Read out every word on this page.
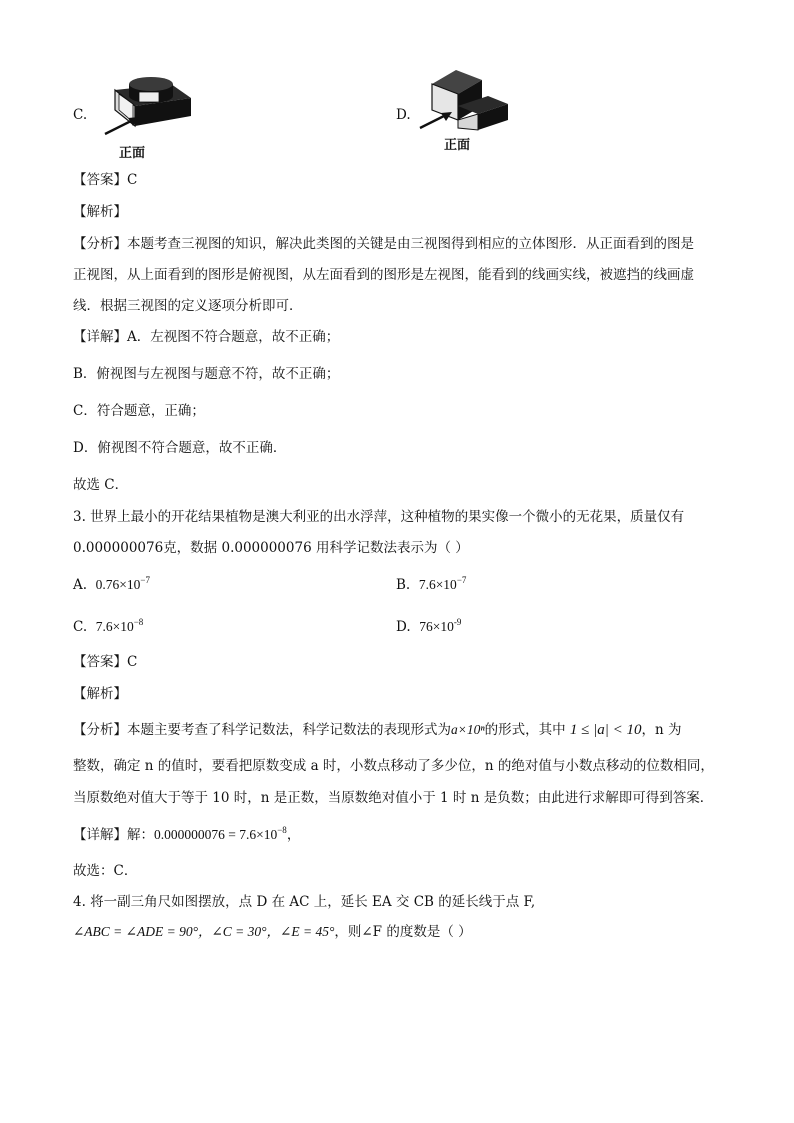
C.
正面
D.
正面
【答案】C
【解析】
【分析】本题考查三视图的知识，解决此类图的关键是由三视图得到相应的立体图形．从正面看到的图是
正视图，从上面看到的图形是俯视图，从左面看到的图形是左视图，能看到的线画实线，被遮挡的线画虚
线．根据三视图的定义逐项分析即可．
【详解】A．左视图不符合题意，故不正确；
B．俯视图与左视图与题意不符，故不正确；
C．符合题意，正确；
D．俯视图不符合题意，故不正确．
故选 C．
3. 世界上最小的开花结果植物是澳大利亚的出水浮萍，这种植物的果实像一个微小的无花果，质量仅有
0.000000076克，数据 0.000000076 用科学记数法表示为（ ）
A. $0.76\times 10^{-7}$	B. $7.6\times 10^{-7}$
C. $7.6\times 10^{-8}$	D. $76\times 10^{-9}$
【答案】C
【解析】
【分析】本题主要考查了科学记数法，科学记数法的表现形式为a×10ⁿ的形式，其中 1 ≤ |a| < 10，n 为
整数，确定 n 的值时，要看把原数变成 a 时，小数点移动了多少位，n 的绝对值与小数点移动的位数相同，
当原数绝对值大于等于 10 时，n 是正数，当原数绝对值小于 1 时 n 是负数；由此进行求解即可得到答案．
【详解】解：$0.000000076 = 7.6\times 10^{-8}$，
故选：C．
4. 将一副三角尺如图摆放，点 D 在 AC 上，延长 EA 交 CB 的延长线于点 F,
∠ABC = ∠ADE = 90°，∠C = 30°，∠E = 45°，则∠F 的度数是（ ）
